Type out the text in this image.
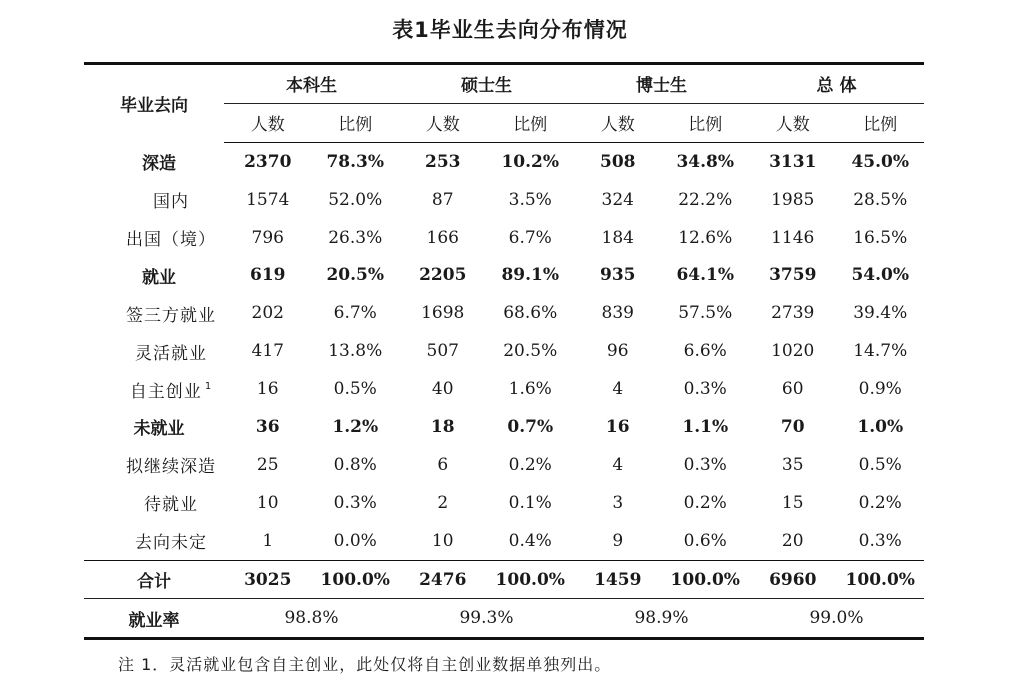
表1毕业生去向分布情况
毕业去向	本科生		硕士生		博士生		总 体	
	人数	比例	人数	比例	人数	比例	人数	比例
深造	2370	78.3%	253	10.2%	508	34.8%	3131	45.0%
国内	1574	52.0%	87	3.5%	324	22.2%	1985	28.5%
出国（境）	796	26.3%	166	6.7%	184	12.6%	1146	16.5%
就业	619	20.5%	2205	89.1%	935	64.1%	3759	54.0%
签三方就业	202	6.7%	1698	68.6%	839	57.5%	2739	39.4%
灵活就业	417	13.8%	507	20.5%	96	6.6%	1020	14.7%
自主创业 $^1$	16	0.5%	40	1.6%	4	0.3%	60	0.9%
未就业	36	1.2%	18	0.7%	16	1.1%	70	1.0%
拟继续深造	25	0.8%	6	0.2%	4	0.3%	35	0.5%
待就业	10	0.3%	2	0.1%	3	0.2%	15	0.2%
去向未定	1	0.0%	10	0.4%	9	0.6%	20	0.3%
合计	3025	100.0%	2476	100.0%	1459	100.0%	6960	100.0%
就业率	98.8%		99.3%		98.9%		99.0%	
注 1．灵活就业包含自主创业，此处仅将自主创业数据单独列出。
